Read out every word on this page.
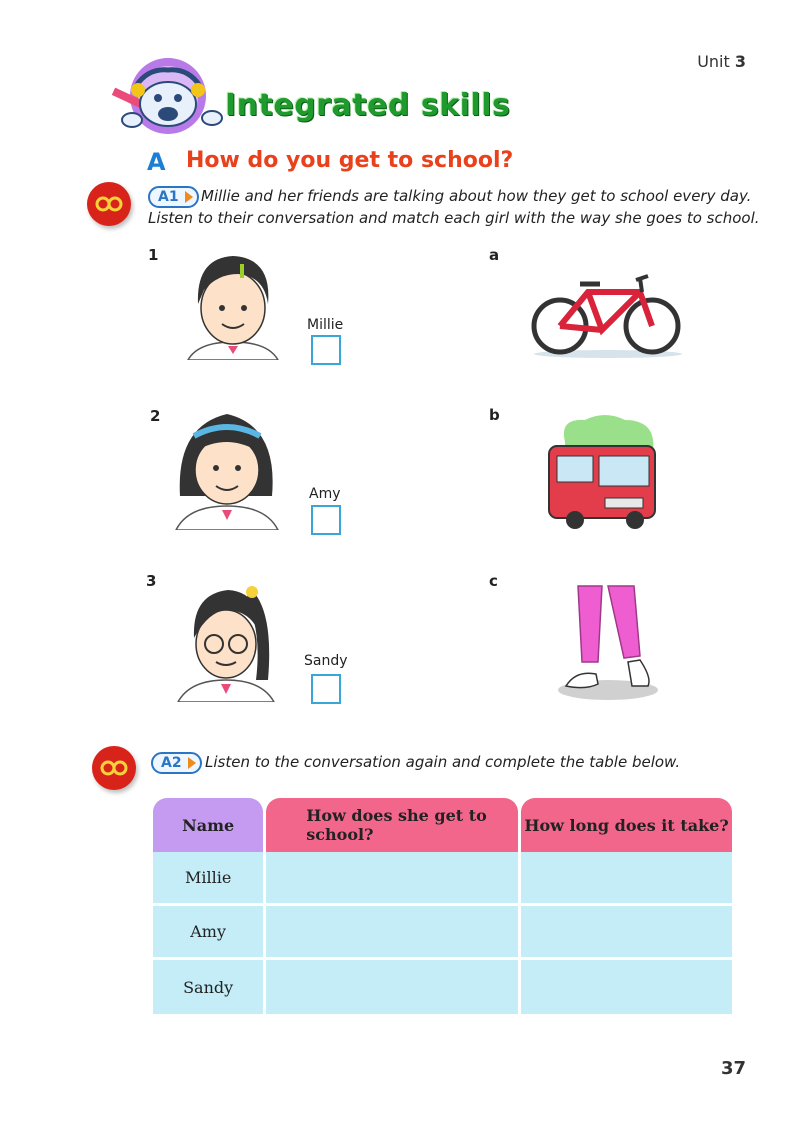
Unit 3
Integrated skills
A How do you get to school?
A1	Millie and her friends are talking about how they get to school every day.
Listen to their conversation and match each girl with the way she goes to school.
1
Millie
2
Amy
3
Sandy
a
b
c
A2	Listen to the conversation again and complete the table below.
Name	How does she get to school?	How long does it take?
Millie		
Amy		
Sandy		
37
